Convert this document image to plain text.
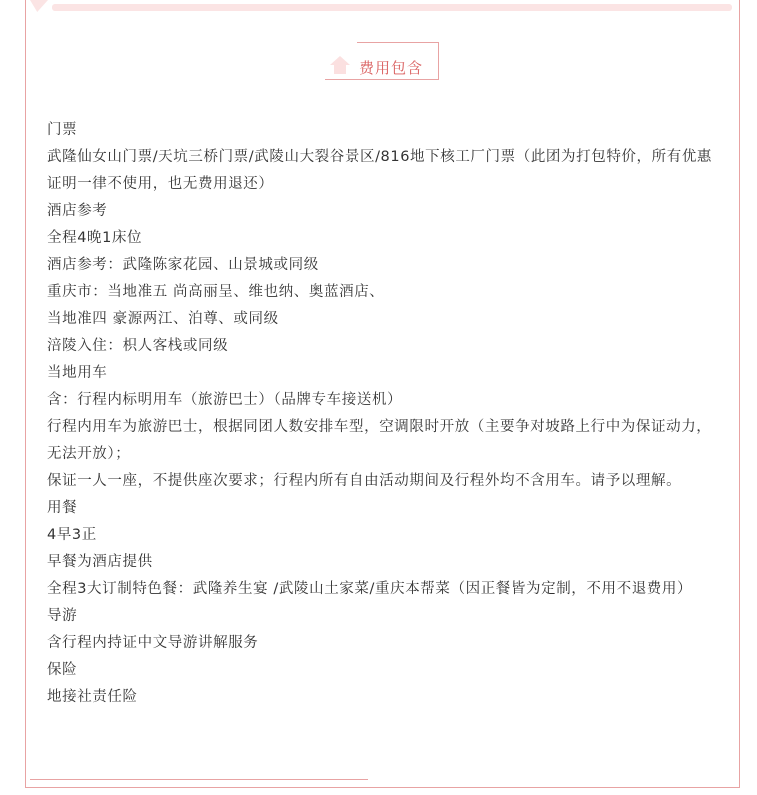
费用包含

门票

武隆仙女山门票/天坑三桥门票/武陵山大裂谷景区/816地下核工厂门票（此团为打包特价，所有优惠证明一律不使用，也无费用退还）

酒店参考

全程4晚1床位

酒店参考：武隆陈家花园、山景城或同级

重庆市：当地准五 尚高丽呈、维也纳、奥蓝酒店、

当地准四 豪源两江、泊尊、或同级

涪陵入住：枳人客栈或同级

当地用车

含：行程内标明用车（旅游巴士）（品牌专车接送机）

行程内用车为旅游巴士，根据同团人数安排车型，空调限时开放（主要争对坡路上行中为保证动力，无法开放）；

保证一人一座，不提供座次要求；行程内所有自由活动期间及行程外均不含用车。请予以理解。

用餐

4早3正

早餐为酒店提供

全程3大订制特色餐：武隆养生宴 /武陵山土家菜/重庆本帮菜（因正餐皆为定制，不用不退费用）

导游

含行程内持证中文导游讲解服务

保险

地接社责任险
